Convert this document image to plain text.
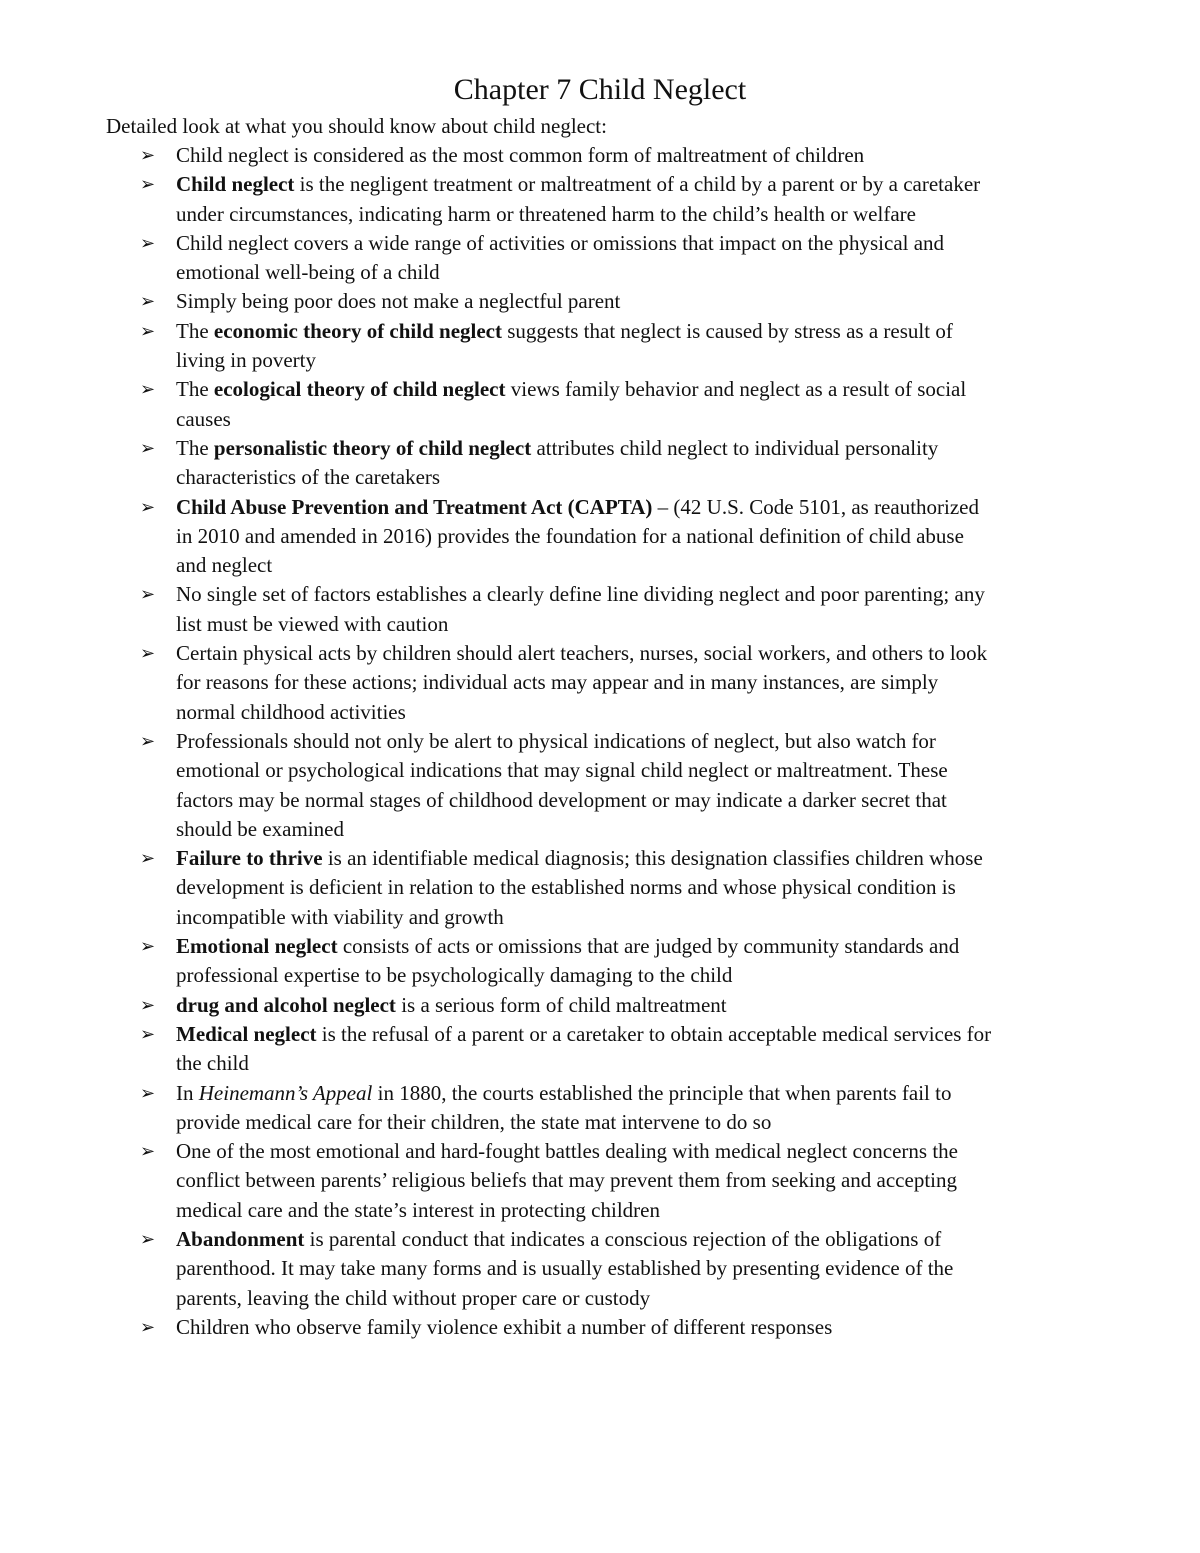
Chapter 7 Child Neglect

Detailed look at what you should know about child neglect:

➢ Child neglect is considered as the most common form of maltreatment of children
➢ Child neglect is the negligent treatment or maltreatment of a child by a parent or by a caretaker
under circumstances, indicating harm or threatened harm to the child’s health or welfare
➢ Child neglect covers a wide range of activities or omissions that impact on the physical and
emotional well-being of a child
➢ Simply being poor does not make a neglectful parent
➢ The economic theory of child neglect suggests that neglect is caused by stress as a result of
living in poverty
➢ The ecological theory of child neglect views family behavior and neglect as a result of social
causes
➢ The personalistic theory of child neglect attributes child neglect to individual personality
characteristics of the caretakers
➢ Child Abuse Prevention and Treatment Act (CAPTA) – (42 U.S. Code 5101, as reauthorized
in 2010 and amended in 2016) provides the foundation for a national definition of child abuse
and neglect
➢ No single set of factors establishes a clearly define line dividing neglect and poor parenting; any
list must be viewed with caution
➢ Certain physical acts by children should alert teachers, nurses, social workers, and others to look
for reasons for these actions; individual acts may appear and in many instances, are simply
normal childhood activities
➢ Professionals should not only be alert to physical indications of neglect, but also watch for
emotional or psychological indications that may signal child neglect or maltreatment. These
factors may be normal stages of childhood development or may indicate a darker secret that
should be examined
➢ Failure to thrive is an identifiable medical diagnosis; this designation classifies children whose
development is deficient in relation to the established norms and whose physical condition is
incompatible with viability and growth
➢ Emotional neglect consists of acts or omissions that are judged by community standards and
professional expertise to be psychologically damaging to the child
➢ drug and alcohol neglect is a serious form of child maltreatment
➢ Medical neglect is the refusal of a parent or a caretaker to obtain acceptable medical services for
the child
➢ In Heinemann’s Appeal in 1880, the courts established the principle that when parents fail to
provide medical care for their children, the state mat intervene to do so
➢ One of the most emotional and hard-fought battles dealing with medical neglect concerns the
conflict between parents’ religious beliefs that may prevent them from seeking and accepting
medical care and the state’s interest in protecting children
➢ Abandonment is parental conduct that indicates a conscious rejection of the obligations of
parenthood. It may take many forms and is usually established by presenting evidence of the
parents, leaving the child without proper care or custody
➢ Children who observe family violence exhibit a number of different responses
